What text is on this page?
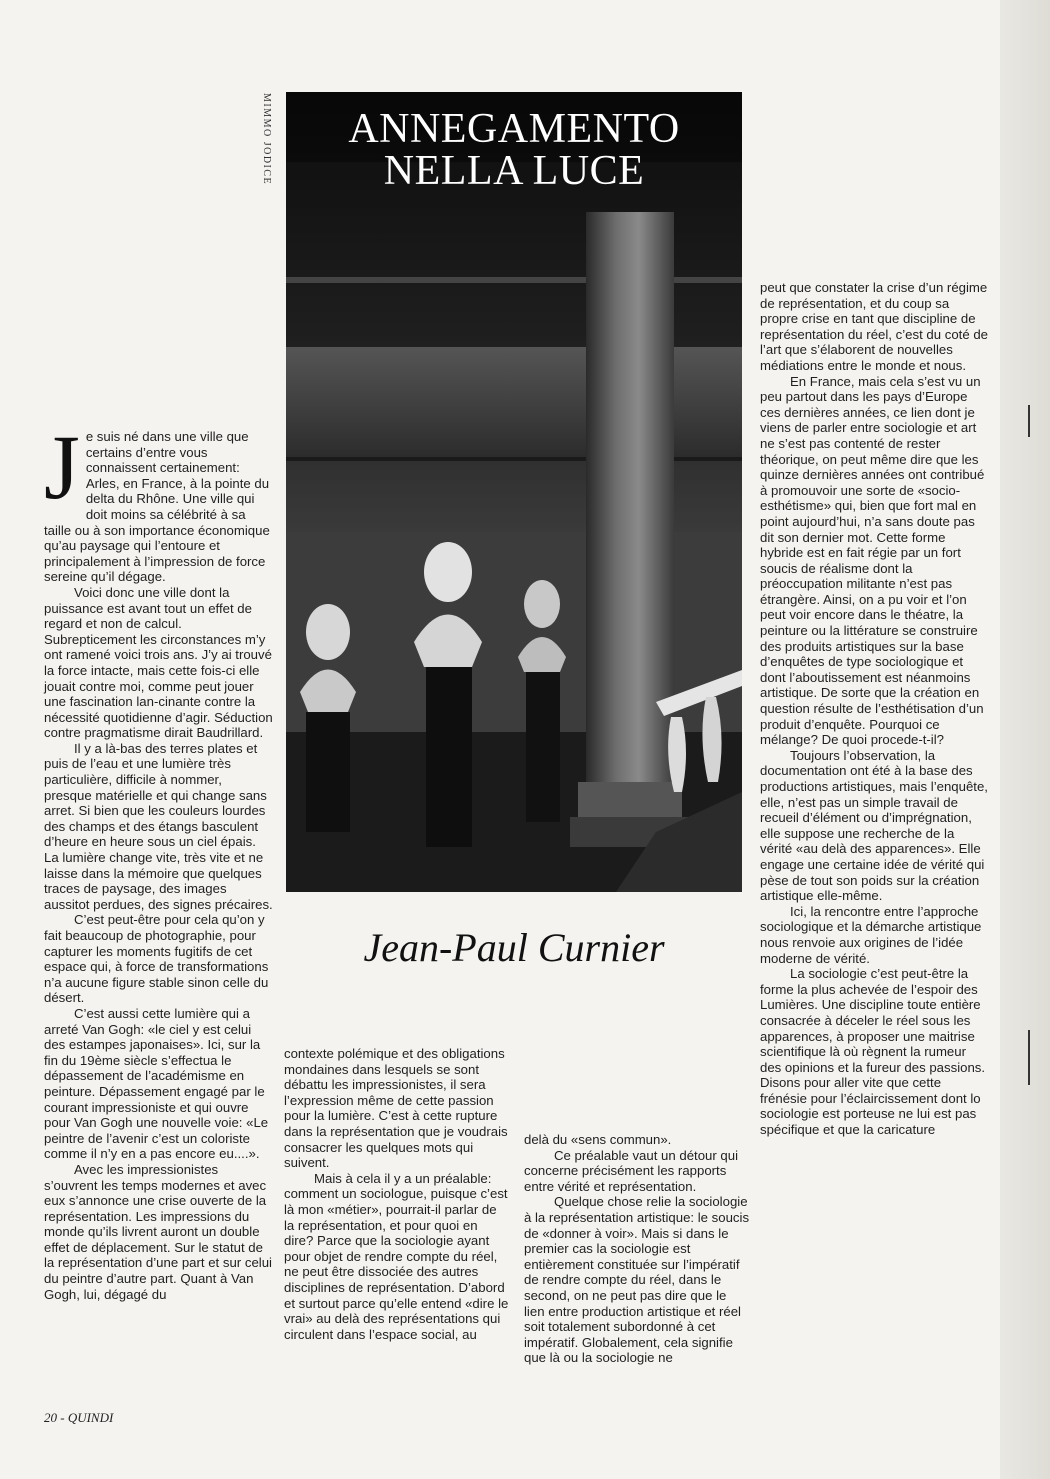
MIMMO JODICE	ANNEGAMENTO
NELLA LUCE
Jean-Paul Curnier
J e suis né dans une ville que certains d’entre vous connaissent certainement: Arles, en France, à la pointe du delta du Rhône. Une ville qui doit moins sa célébrité à sa taille ou à son importance économique qu’au paysage qui l’entoure et principalement à l’impression de force sereine qu’il dégage.

Voici donc une ville dont la puissance est avant tout un effet de regard et non de calcul. Subrepticement les circonstances m’y ont ramené voici trois ans. J’y ai trouvé la force intacte, mais cette fois-ci elle jouait contre moi, comme peut jouer une fascination lan-cinante contre la nécessité quotidienne d’agir. Séduction contre pragmatisme dirait Baudrillard.

Il y a là-bas des terres plates et puis de l’eau et une lumière très particulière, difficile à nommer, presque matérielle et qui change sans arret. Si bien que les couleurs lourdes des champs et des étangs basculent d’heure en heure sous un ciel épais. La lumière change vite, très vite et ne laisse dans la mémoire que quelques traces de paysage, des images aussitot perdues, des signes précaires.

C’est peut-être pour cela qu’on y fait beaucoup de photographie, pour capturer les moments fugitifs de cet espace qui, à force de transformations n’a aucune figure stable sinon celle du désert.

C’est aussi cette lumière qui a arreté Van Gogh: «le ciel y est celui des estampes japonaises». Ici, sur la fin du 19ème siècle s’effectua le dépassement de l’académisme en peinture. Dépassement engagé par le courant impressioniste et qui ouvre pour Van Gogh une nouvelle voie: «Le peintre de l’avenir c’est un coloriste comme il n’y en a pas encore eu....».

Avec les impressionistes s’ouvrent les temps modernes et avec eux s’annonce une crise ouverte de la représentation. Les impressions du monde qu’ils livrent auront un double effet de déplacement. Sur le statut de la représentation d’une part et sur celui du peintre d’autre part. Quant à Van Gogh, lui, dégagé du

contexte polémique et des obligations mondaines dans lesquels se sont débattu les impressionistes, il sera l’expression même de cette passion pour la lumière. C’est à cette rupture dans la représentation que je voudrais consacrer les quelques mots qui suivent.

Mais à cela il y a un préalable: comment un sociologue, puisque c’est là mon «métier», pourrait-il parlar de la représentation, et pour quoi en dire? Parce que la sociologie ayant pour objet de rendre compte du réel, ne peut être dissociée des autres disciplines de représentation. D’abord et surtout parce qu’elle entend «dire le vrai» au delà des représentations qui circulent dans l’espace social, au

delà du «sens commun».

Ce préalable vaut un détour qui concerne précisément les rapports entre vérité et représentation.

Quelque chose relie la sociologie à la représentation artistique: le soucis de «donner à voir». Mais si dans le premier cas la sociologie est entièrement constituée sur l’impératif de rendre compte du réel, dans le second, on ne peut pas dire que le lien entre production artistique et réel soit totalement subordonné à cet impératif. Globalement, cela signifie que là ou la sociologie ne

peut que constater la crise d’un régime de représentation, et du coup sa propre crise en tant que discipline de représentation du réel, c’est du coté de l’art que s’élaborent de nouvelles médiations entre le monde et nous.

En France, mais cela s’est vu un peu partout dans les pays d’Europe ces dernières années, ce lien dont je viens de parler entre sociologie et art ne s’est pas contenté de rester théorique, on peut même dire que les quinze dernières années ont contribué à promouvoir une sorte de «socio-esthétisme» qui, bien que fort mal en point aujourd’hui, n’a sans doute pas dit son dernier mot. Cette forme hybride est en fait régie par un fort soucis de réalisme dont la préoccupation militante n’est pas étrangère. Ainsi, on a pu voir et l’on peut voir encore dans le théatre, la peinture ou la littérature se construire des produits artistiques sur la base d’enquêtes de type sociologique et dont l’aboutissement est néanmoins artistique. De sorte que la création en question résulte de l’esthétisation d’un produit d’enquête. Pourquoi ce mélange? De quoi procede-t-il?

Toujours l’observation, la documentation ont été à la base des productions artistiques, mais l’enquête, elle, n’est pas un simple travail de recueil d’élément ou d’imprégnation, elle suppose une recherche de la vérité «au delà des apparences». Elle engage une certaine idée de vérité qui pèse de tout son poids sur la création artistique elle-même.

Ici, la rencontre entre l’approche sociologique et la démarche artistique nous renvoie aux origines de l’idée moderne de vérité.

La sociologie c’est peut-être la forme la plus achevée de l’espoir des Lumières. Une discipline toute entière consacrée à déceler le réel sous les apparences, à proposer une maitrise scientifique là où règnent la rumeur des opinions et la fureur des passions. Disons pour aller vite que cette frénésie pour l’éclaircissement dont lo sociologie est porteuse ne lui est pas spécifique et que la caricature

20 - QUINDI
